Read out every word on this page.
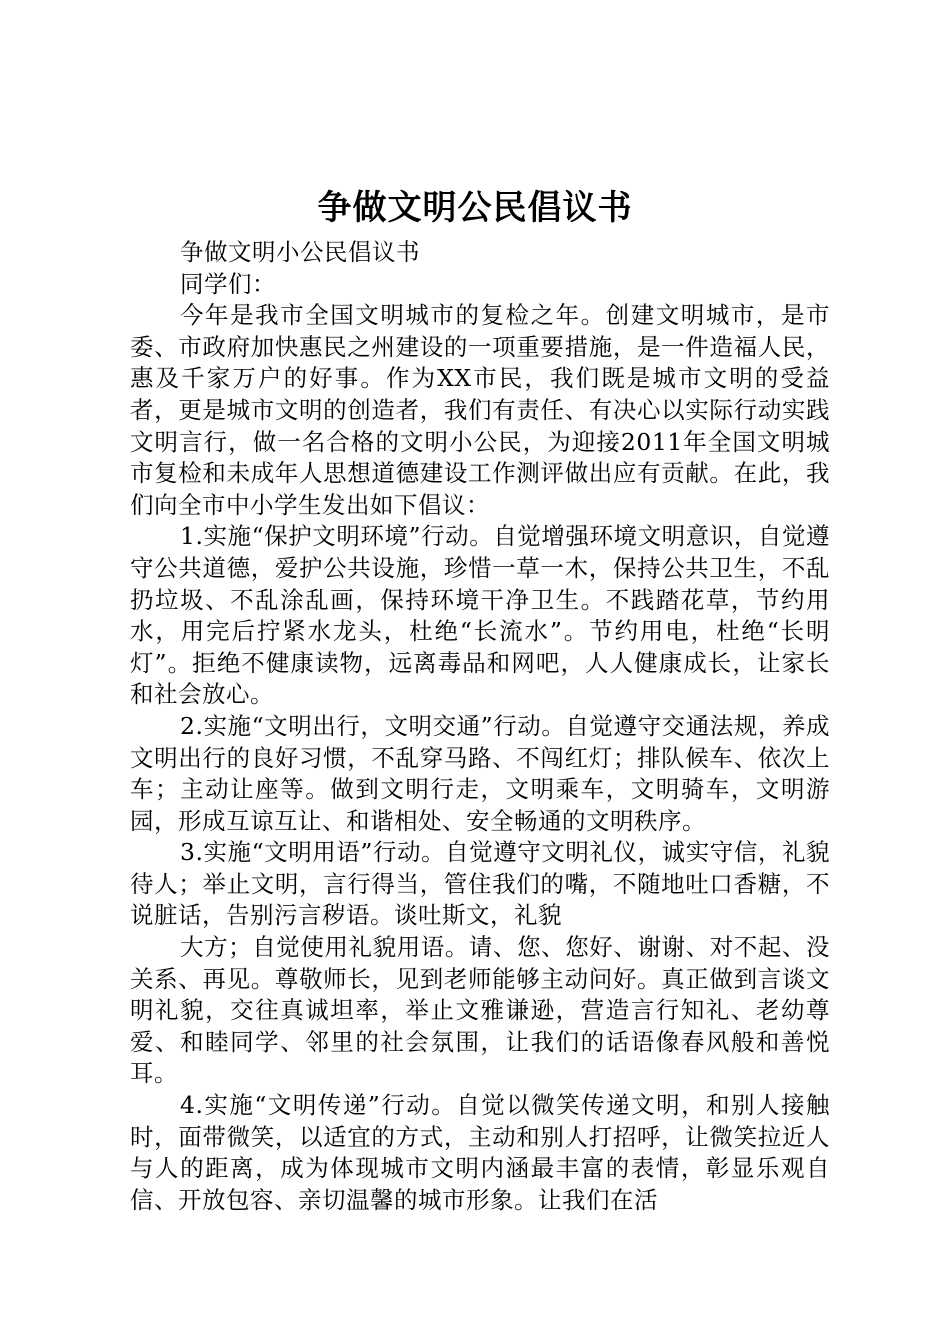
争做文明公民倡议书

争做文明小公民倡议书

同学们：

今年是我市全国文明城市的复检之年。创建文明城市，是市委、市政府加快惠民之州建设的一项重要措施，是一件造福人民，惠及千家万户的好事。作为XX市民，我们既是城市文明的受益者，更是城市文明的创造者，我们有责任、有决心以实际行动实践文明言行，做一名合格的文明小公民，为迎接2011年全国文明城市复检和未成年人思想道德建设工作测评做出应有贡献。在此，我们向全市中小学生发出如下倡议：

1.实施“保护文明环境”行动。自觉增强环境文明意识，自觉遵守公共道德，爱护公共设施，珍惜一草一木，保持公共卫生，不乱扔垃圾、不乱涂乱画，保持环境干净卫生。不践踏花草，节约用水，用完后拧紧水龙头，杜绝“长流水”。节约用电，杜绝“长明灯”。拒绝不健康读物，远离毒品和网吧，人人健康成长，让家长和社会放心。

2.实施“文明出行，文明交通”行动。自觉遵守交通法规，养成文明出行的良好习惯，不乱穿马路、不闯红灯；排队候车、依次上车；主动让座等。做到文明行走，文明乘车，文明骑车，文明游园，形成互谅互让、和谐相处、安全畅通的文明秩序。

3.实施“文明用语”行动。自觉遵守文明礼仪，诚实守信，礼貌待人；举止文明，言行得当，管住我们的嘴，不随地吐口香糖，不说脏话，告别污言秽语。谈吐斯文，礼貌

大方；自觉使用礼貌用语。请、您、您好、谢谢、对不起、没关系、再见。尊敬师长，见到老师能够主动问好。真正做到言谈文明礼貌，交往真诚坦率，举止文雅谦逊，营造言行知礼、老幼尊爱、和睦同学、邻里的社会氛围，让我们的话语像春风般和善悦耳。

4.实施“文明传递”行动。自觉以微笑传递文明，和别人接触时，面带微笑，以适宜的方式，主动和别人打招呼，让微笑拉近人与人的距离，成为体现城市文明内涵最丰富的表情，彰显乐观自信、开放包容、亲切温馨的城市形象。让我们在活
